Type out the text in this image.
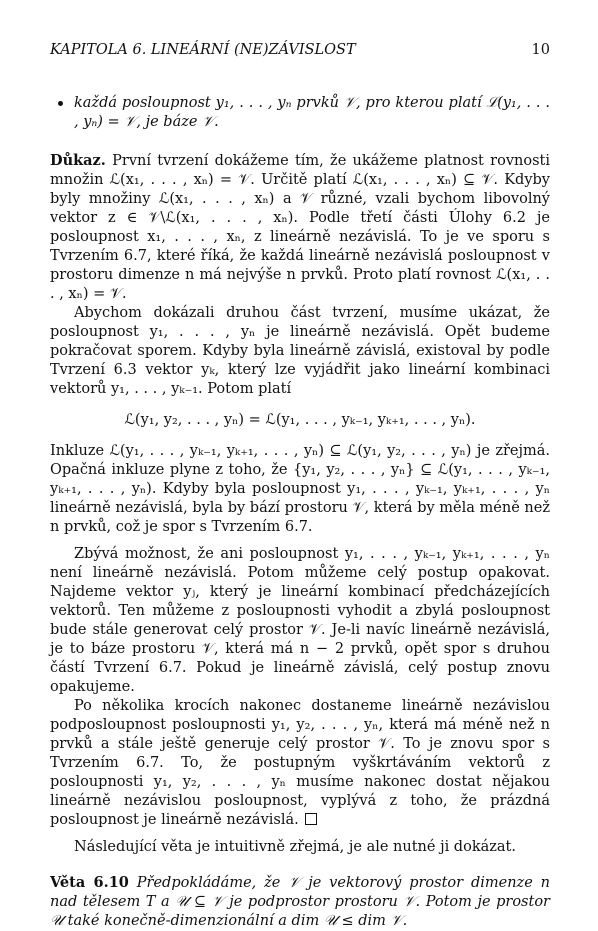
KAPITOLA 6. LINEÁRNÍ (NE)ZÁVISLOST	10
každá posloupnost y₁, . . . , yₙ prvků 𝒱, pro kterou platí ℒ(y₁, . . . , yₙ) = 𝒱, je báze 𝒱.

Důkaz. První tvrzení dokážeme tím, že ukážeme platnost rovnosti množin ℒ(x₁, . . . , xₙ) = 𝒱. Určitě platí ℒ(x₁, . . . , xₙ) ⊆ 𝒱. Kdyby byly množiny ℒ(x₁, . . . , xₙ) a 𝒱 různé, vzali bychom libovolný vektor z ∈ 𝒱\ℒ(x₁, . . . , xₙ). Podle třetí části Úlohy 6.2 je posloupnost x₁, . . . , xₙ, z lineárně nezávislá. To je ve sporu s Tvrzením 6.7, které říká, že každá lineárně nezávislá posloupnost v prostoru dimenze n má nejvýše n prvků. Proto platí rovnost ℒ(x₁, . . . , xₙ) = 𝒱.

Abychom dokázali druhou část tvrzení, musíme ukázat, že posloupnost y₁, . . . , yₙ je lineárně nezávislá. Opět budeme pokračovat sporem. Kdyby byla lineárně závislá, existoval by podle Tvrzení 6.3 vektor yₖ, který lze vyjádřit jako lineární kombinaci vektorů y₁, . . . , yₖ₋₁. Potom platí

ℒ(y₁, y₂, . . . , yₙ) = ℒ(y₁, . . . , yₖ₋₁, yₖ₊₁, . . . , yₙ).

Inkluze ℒ(y₁, . . . , yₖ₋₁, yₖ₊₁, . . . , yₙ) ⊆ ℒ(y₁, y₂, . . . , yₙ) je zřejmá. Opačná inkluze plyne z toho, že {y₁, y₂, . . . , yₙ} ⊆ ℒ(y₁, . . . , yₖ₋₁, yₖ₊₁, . . . , yₙ). Kdyby byla posloupnost y₁, . . . , yₖ₋₁, yₖ₊₁, . . . , yₙ lineárně nezávislá, byla by bází prostoru 𝒱, která by měla méně než n prvků, což je spor s Tvrzením 6.7.

Zbývá možnost, že ani posloupnost y₁, . . . , yₖ₋₁, yₖ₊₁, . . . , yₙ není lineárně nezávislá. Potom můžeme celý postup opakovat. Najdeme vektor yⱼ, který je lineární kombinací předcházejících vektorů. Ten můžeme z posloupnosti vyhodit a zbylá posloupnost bude stále generovat celý prostor 𝒱. Je-li navíc lineárně nezávislá, je to báze prostoru 𝒱, která má n − 2 prvků, opět spor s druhou částí Tvrzení 6.7. Pokud je lineárně závislá, celý postup znovu opakujeme.

Po několika krocích nakonec dostaneme lineárně nezávislou podposloupnost posloupnosti y₁, y₂, . . . , yₙ, která má méně než n prvků a stále ještě generuje celý prostor 𝒱. To je znovu spor s Tvrzením 6.7. To, že postupným vyškrtáváním vektorů z posloupnosti y₁, y₂, . . . , yₙ musíme nakonec dostat nějakou lineárně nezávislou posloupnost, vyplývá z toho, že prázdná posloupnost je lineárně nezávislá.

Následující věta je intuitivně zřejmá, je ale nutné ji dokázat.

Věta 6.10 Předpokládáme, že 𝒱 je vektorový prostor dimenze n nad tělesem T a 𝒰 ⊆ 𝒱 je podprostor prostoru 𝒱. Potom je prostor 𝒰 také konečně-dimenzionální a dim 𝒰 ≤ dim 𝒱.
